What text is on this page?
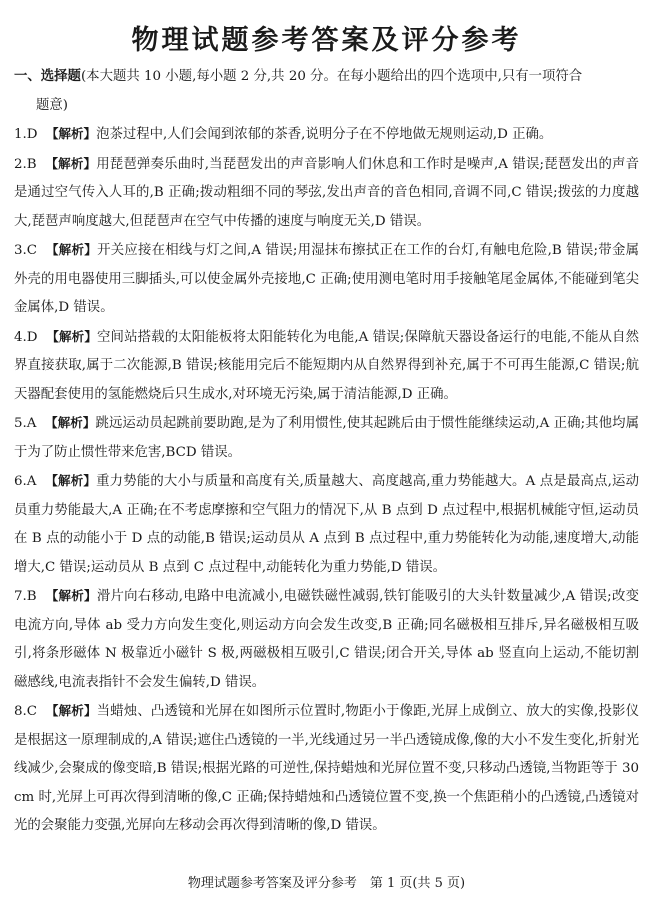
物理试题参考答案及评分参考

一、选择题(本大题共 10 小题,每小题 2 分,共 20 分。在每小题给出的四个选项中,只有一项符合

题意)

1.D 【解析】泡茶过程中,人们会闻到浓郁的茶香,说明分子在不停地做无规则运动,D 正确。

2.B 【解析】用琵琶弹奏乐曲时,当琵琶发出的声音影响人们休息和工作时是噪声,A 错误;琵琶发出的声音是通过空气传入人耳的,B 正确;拨动粗细不同的琴弦,发出声音的音色相同,音调不同,C 错误;拨弦的力度越大,琵琶声响度越大,但琵琶声在空气中传播的速度与响度无关,D 错误。

3.C 【解析】开关应接在相线与灯之间,A 错误;用湿抹布擦拭正在工作的台灯,有触电危险,B 错误;带金属外壳的用电器使用三脚插头,可以使金属外壳接地,C 正确;使用测电笔时用手接触笔尾金属体,不能碰到笔尖金属体,D 错误。

4.D 【解析】空间站搭载的太阳能板将太阳能转化为电能,A 错误;保障航天器设备运行的电能,不能从自然界直接获取,属于二次能源,B 错误;核能用完后不能短期内从自然界得到补充,属于不可再生能源,C 错误;航天器配套使用的氢能燃烧后只生成水,对环境无污染,属于清洁能源,D 正确。

5.A 【解析】跳远运动员起跳前要助跑,是为了利用惯性,使其起跳后由于惯性能继续运动,A 正确;其他均属于为了防止惯性带来危害,BCD 错误。

6.A 【解析】重力势能的大小与质量和高度有关,质量越大、高度越高,重力势能越大。A 点是最高点,运动员重力势能最大,A 正确;在不考虑摩擦和空气阻力的情况下,从 B 点到 D 点过程中,根据机械能守恒,运动员在 B 点的动能小于 D 点的动能,B 错误;运动员从 A 点到 B 点过程中,重力势能转化为动能,速度增大,动能增大,C 错误;运动员从 B 点到 C 点过程中,动能转化为重力势能,D 错误。

7.B 【解析】滑片向右移动,电路中电流减小,电磁铁磁性减弱,铁钉能吸引的大头针数量减少,A 错误;改变电流方向,导体 ab 受力方向发生变化,则运动方向会发生改变,B 正确;同名磁极相互排斥,异名磁极相互吸引,将条形磁体 N 极靠近小磁针 S 极,两磁极相互吸引,C 错误;闭合开关,导体 ab 竖直向上运动,不能切割磁感线,电流表指针不会发生偏转,D 错误。

8.C 【解析】当蜡烛、凸透镜和光屏在如图所示位置时,物距小于像距,光屏上成倒立、放大的实像,投影仪是根据这一原理制成的,A 错误;遮住凸透镜的一半,光线通过另一半凸透镜成像,像的大小不发生变化,折射光线减少,会聚成的像变暗,B 错误;根据光路的可逆性,保持蜡烛和光屏位置不变,只移动凸透镜,当物距等于 30 cm 时,光屏上可再次得到清晰的像,C 正确;保持蜡烛和凸透镜位置不变,换一个焦距稍小的凸透镜,凸透镜对光的会聚能力变强,光屏向左移动会再次得到清晰的像,D 错误。

物理试题参考答案及评分参考　第 1 页(共 5 页)
